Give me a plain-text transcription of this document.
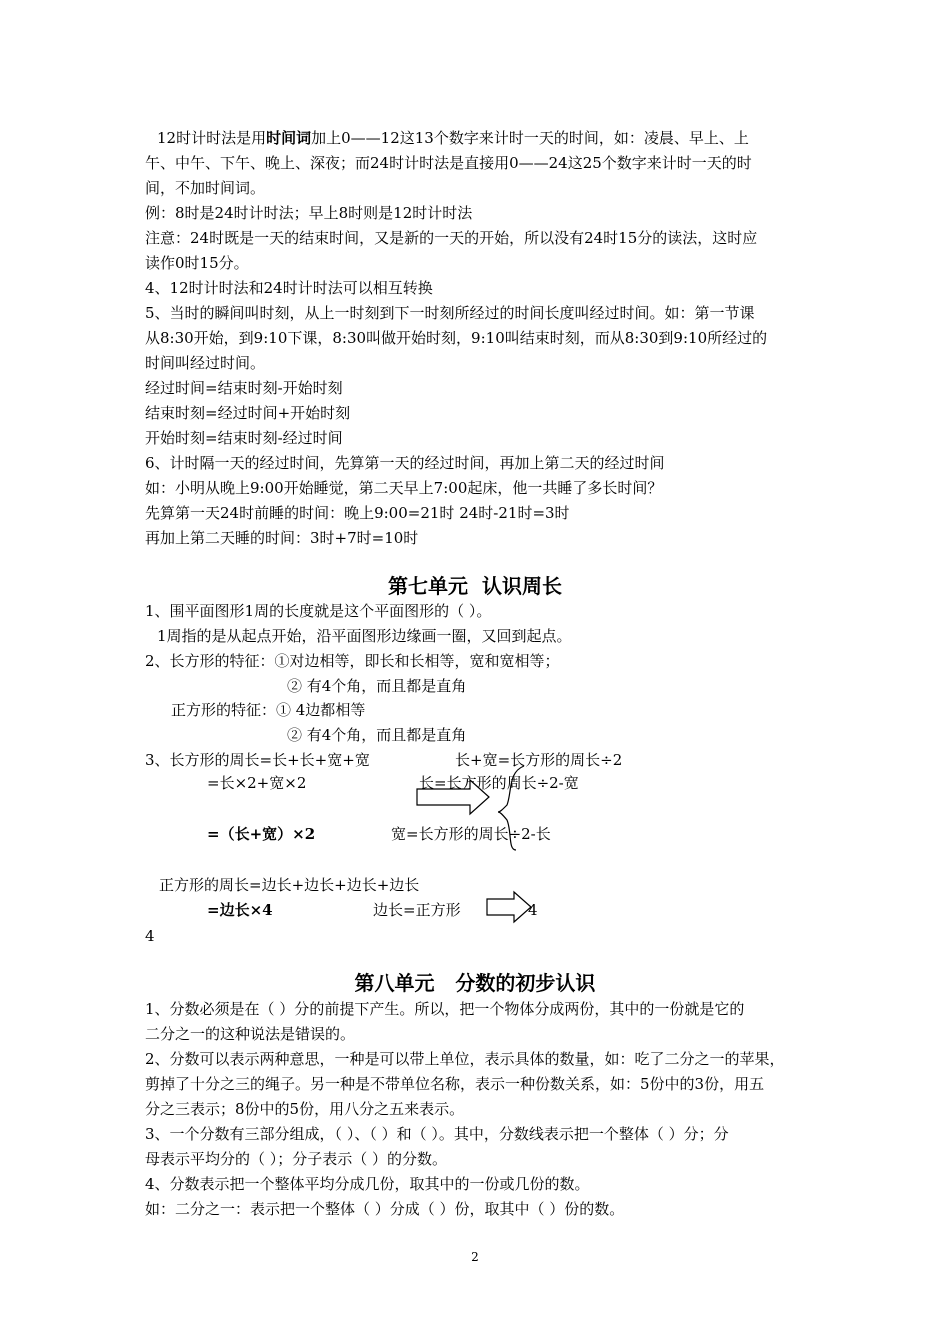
12时计时法是用时间词加上0——12这13个数字来计时一天的时间，如：凌晨、早上、上
午、中午、下午、晚上、深夜；而24时计时法是直接用0——24这25个数字来计时一天的时
间，不加时间词。
例：8时是24时计时法；早上8时则是12时计时法
注意：24时既是一天的结束时间，又是新的一天的开始，所以没有24时15分的读法，这时应
读作0时15分。
4、12时计时法和24时计时法可以相互转换
5、当时的瞬间叫时刻，从上一时刻到下一时刻所经过的时间长度叫经过时间。如：第一节课
从8:30开始，到9:10下课，8:30叫做开始时刻，9:10叫结束时刻，而从8:30到9:10所经过的
时间叫经过时间。
经过时间=结束时刻-开始时刻
结束时刻=经过时间+开始时刻
开始时刻=结束时刻-经过时间
6、计时隔一天的经过时间，先算第一天的经过时间，再加上第二天的经过时间
如：小明从晚上9:00开始睡觉，第二天早上7:00起床，他一共睡了多长时间？
先算第一天24时前睡的时间：晚上9:00=21时 24时-21时=3时
再加上第二天睡的时间：3时+7时=10时
第七单元  认识周长
1、围平面图形1周的长度就是这个平面图形的（ ）。
1周指的是从起点开始，沿平面图形边缘画一圈，又回到起点。
2、长方形的特征：①对边相等，即长和长相等，宽和宽相等；
② 有4个角，而且都是直角
正方形的特征：① 4边都相等
② 有4个角，而且都是直角
3、长方形的周长=长+长+宽+宽	长+宽=长方形的周长÷2
=长×2+宽×2	长=长方形的周长÷2-宽
=（长+宽）×2	宽=长方形的周长÷2-长
正方形的周长=边长+边长+边长+边长
=边长×4	边长=正方形	4
4
第八单元   分数的初步认识
1、分数必须是在（ ）分的前提下产生。所以，把一个物体分成两份，其中的一份就是它的
二分之一的这种说法是错误的。
2、分数可以表示两种意思，一种是可以带上单位，表示具体的数量，如：吃了二分之一的苹果，
剪掉了十分之三的绳子。另一种是不带单位名称，表示一种份数关系，如：5份中的3份，用五
分之三表示；8份中的5份，用八分之五来表示。
3、一个分数有三部分组成，（ ）、（ ）和（ ）。其中，分数线表示把一个整体（ ）分；分
母表示平均分的（ ）；分子表示（ ）的分数。
4、分数表示把一个整体平均分成几份，取其中的一份或几份的数。
如：二分之一：表示把一个整体（ ）分成（ ）份，取其中（ ）份的数。
2
